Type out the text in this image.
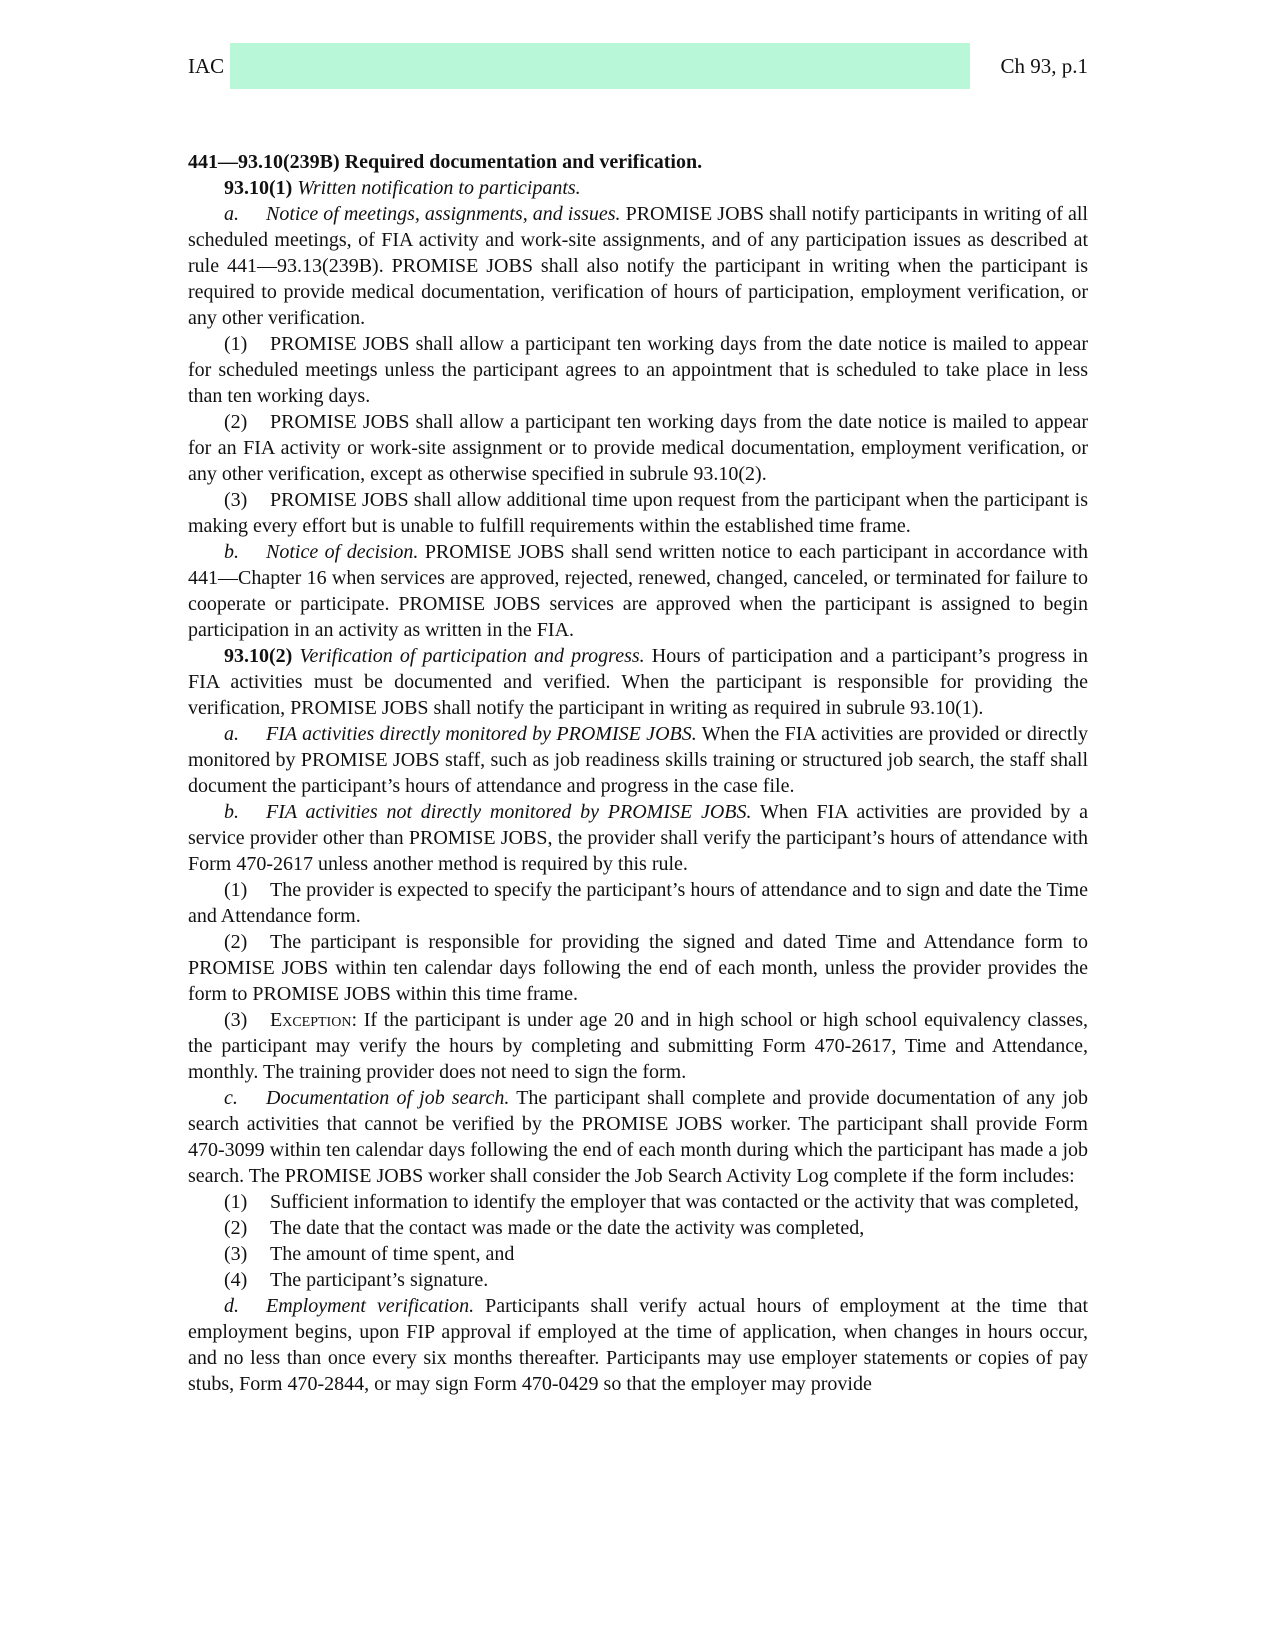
IAC	Ch 93, p.1

441—93.10(239B) Required documentation and verification.

93.10(1) Written notification to participants.

a. Notice of meetings, assignments, and issues. PROMISE JOBS shall notify participants in writing of all scheduled meetings, of FIA activity and work-site assignments, and of any participation issues as described at rule 441—93.13(239B). PROMISE JOBS shall also notify the participant in writing when the participant is required to provide medical documentation, verification of hours of participation, employment verification, or any other verification.

(1) PROMISE JOBS shall allow a participant ten working days from the date notice is mailed to appear for scheduled meetings unless the participant agrees to an appointment that is scheduled to take place in less than ten working days.

(2) PROMISE JOBS shall allow a participant ten working days from the date notice is mailed to appear for an FIA activity or work-site assignment or to provide medical documentation, employment verification, or any other verification, except as otherwise specified in subrule 93.10(2).

(3) PROMISE JOBS shall allow additional time upon request from the participant when the participant is making every effort but is unable to fulfill requirements within the established time frame.

b. Notice of decision. PROMISE JOBS shall send written notice to each participant in accordance with 441—Chapter 16 when services are approved, rejected, renewed, changed, canceled, or terminated for failure to cooperate or participate. PROMISE JOBS services are approved when the participant is assigned to begin participation in an activity as written in the FIA.

93.10(2) Verification of participation and progress. Hours of participation and a participant’s progress in FIA activities must be documented and verified. When the participant is responsible for providing the verification, PROMISE JOBS shall notify the participant in writing as required in subrule 93.10(1).

a. FIA activities directly monitored by PROMISE JOBS. When the FIA activities are provided or directly monitored by PROMISE JOBS staff, such as job readiness skills training or structured job search, the staff shall document the participant’s hours of attendance and progress in the case file.

b. FIA activities not directly monitored by PROMISE JOBS. When FIA activities are provided by a service provider other than PROMISE JOBS, the provider shall verify the participant’s hours of attendance with Form 470-2617 unless another method is required by this rule.

(1) The provider is expected to specify the participant’s hours of attendance and to sign and date the Time and Attendance form.

(2) The participant is responsible for providing the signed and dated Time and Attendance form to PROMISE JOBS within ten calendar days following the end of each month, unless the provider provides the form to PROMISE JOBS within this time frame.

(3) Exception: If the participant is under age 20 and in high school or high school equivalency classes, the participant may verify the hours by completing and submitting Form 470-2617, Time and Attendance, monthly. The training provider does not need to sign the form.

c. Documentation of job search. The participant shall complete and provide documentation of any job search activities that cannot be verified by the PROMISE JOBS worker. The participant shall provide Form 470-3099 within ten calendar days following the end of each month during which the participant has made a job search. The PROMISE JOBS worker shall consider the Job Search Activity Log complete if the form includes:

(1) Sufficient information to identify the employer that was contacted or the activity that was completed,

(2) The date that the contact was made or the date the activity was completed,

(3) The amount of time spent, and

(4) The participant’s signature.

d. Employment verification. Participants shall verify actual hours of employment at the time that employment begins, upon FIP approval if employed at the time of application, when changes in hours occur, and no less than once every six months thereafter. Participants may use employer statements or copies of pay stubs, Form 470-2844, or may sign Form 470-0429 so that the employer may provide
